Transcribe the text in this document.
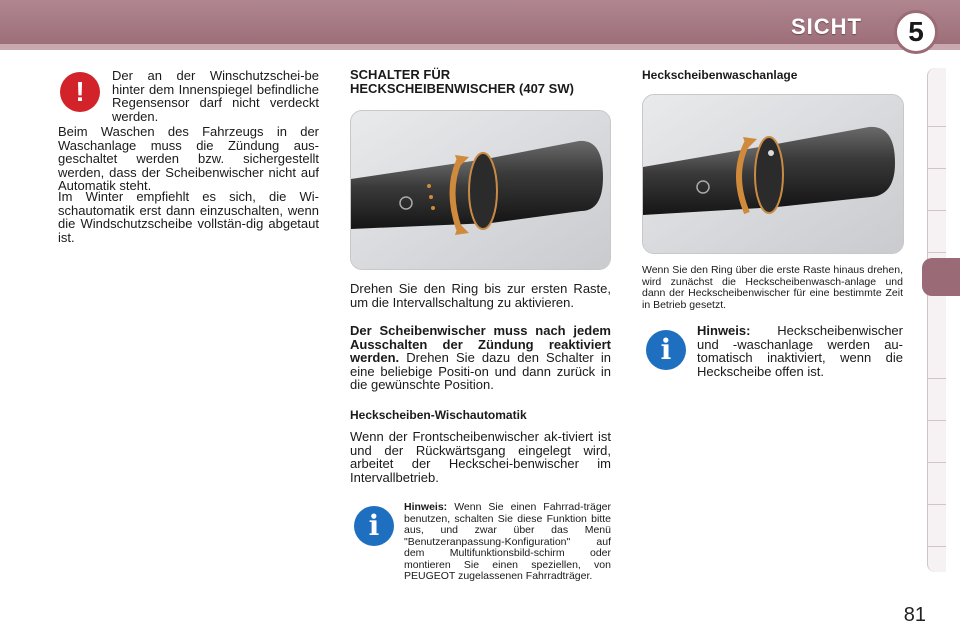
SICHT	5
!
Der an der Winschutzschei-be hinter dem Innenspiegel befindliche Regensensor darf nicht verdeckt werden.
Beim Waschen des Fahrzeugs in der Waschanlage muss die Zündung aus-geschaltet werden bzw. sichergestellt werden, dass der Scheibenwischer nicht auf Automatik steht.
Im Winter empfiehlt es sich, die Wi-schautomatik erst dann einzuschalten, wenn die Windschutzscheibe vollstän-dig abgetaut ist.
SCHALTER FÜR
HECKSCHEIBENWISCHER (407 SW)
Drehen Sie den Ring bis zur ersten Raste, um die Intervallschaltung zu aktivieren.

Der Scheibenwischer muss nach jedem Ausschalten der Zündung reaktiviert werden. Drehen Sie dazu den Schalter in eine beliebige Positi-on und dann zurück in die gewünschte Position.

Heckscheiben-Wischautomatik
Wenn der Frontscheibenwischer ak-tiviert ist und der Rückwärtsgang eingelegt wird, arbeitet der Heckschei-benwischer im Intervallbetrieb.
i

Hinweis: Wenn Sie einen Fahrrad-träger benutzen, schalten Sie diese Funktion bitte aus, und zwar über das Menü "Benutzeranpassung-Konfiguration" auf dem Multifunktionsbild-schirm oder montieren Sie einen speziellen, von PEUGEOT zugelassenen Fahrradträger.

Heckscheibenwaschanlage
Wenn Sie den Ring über die erste Raste hinaus drehen, wird zunächst die Heckscheibenwasch-anlage und dann der Heckscheibenwischer für eine bestimmte Zeit in Betrieb gesetzt.
i

Hinweis: Heckscheibenwischer und -waschanlage werden au-tomatisch inaktiviert, wenn die Heckscheibe offen ist.

81
